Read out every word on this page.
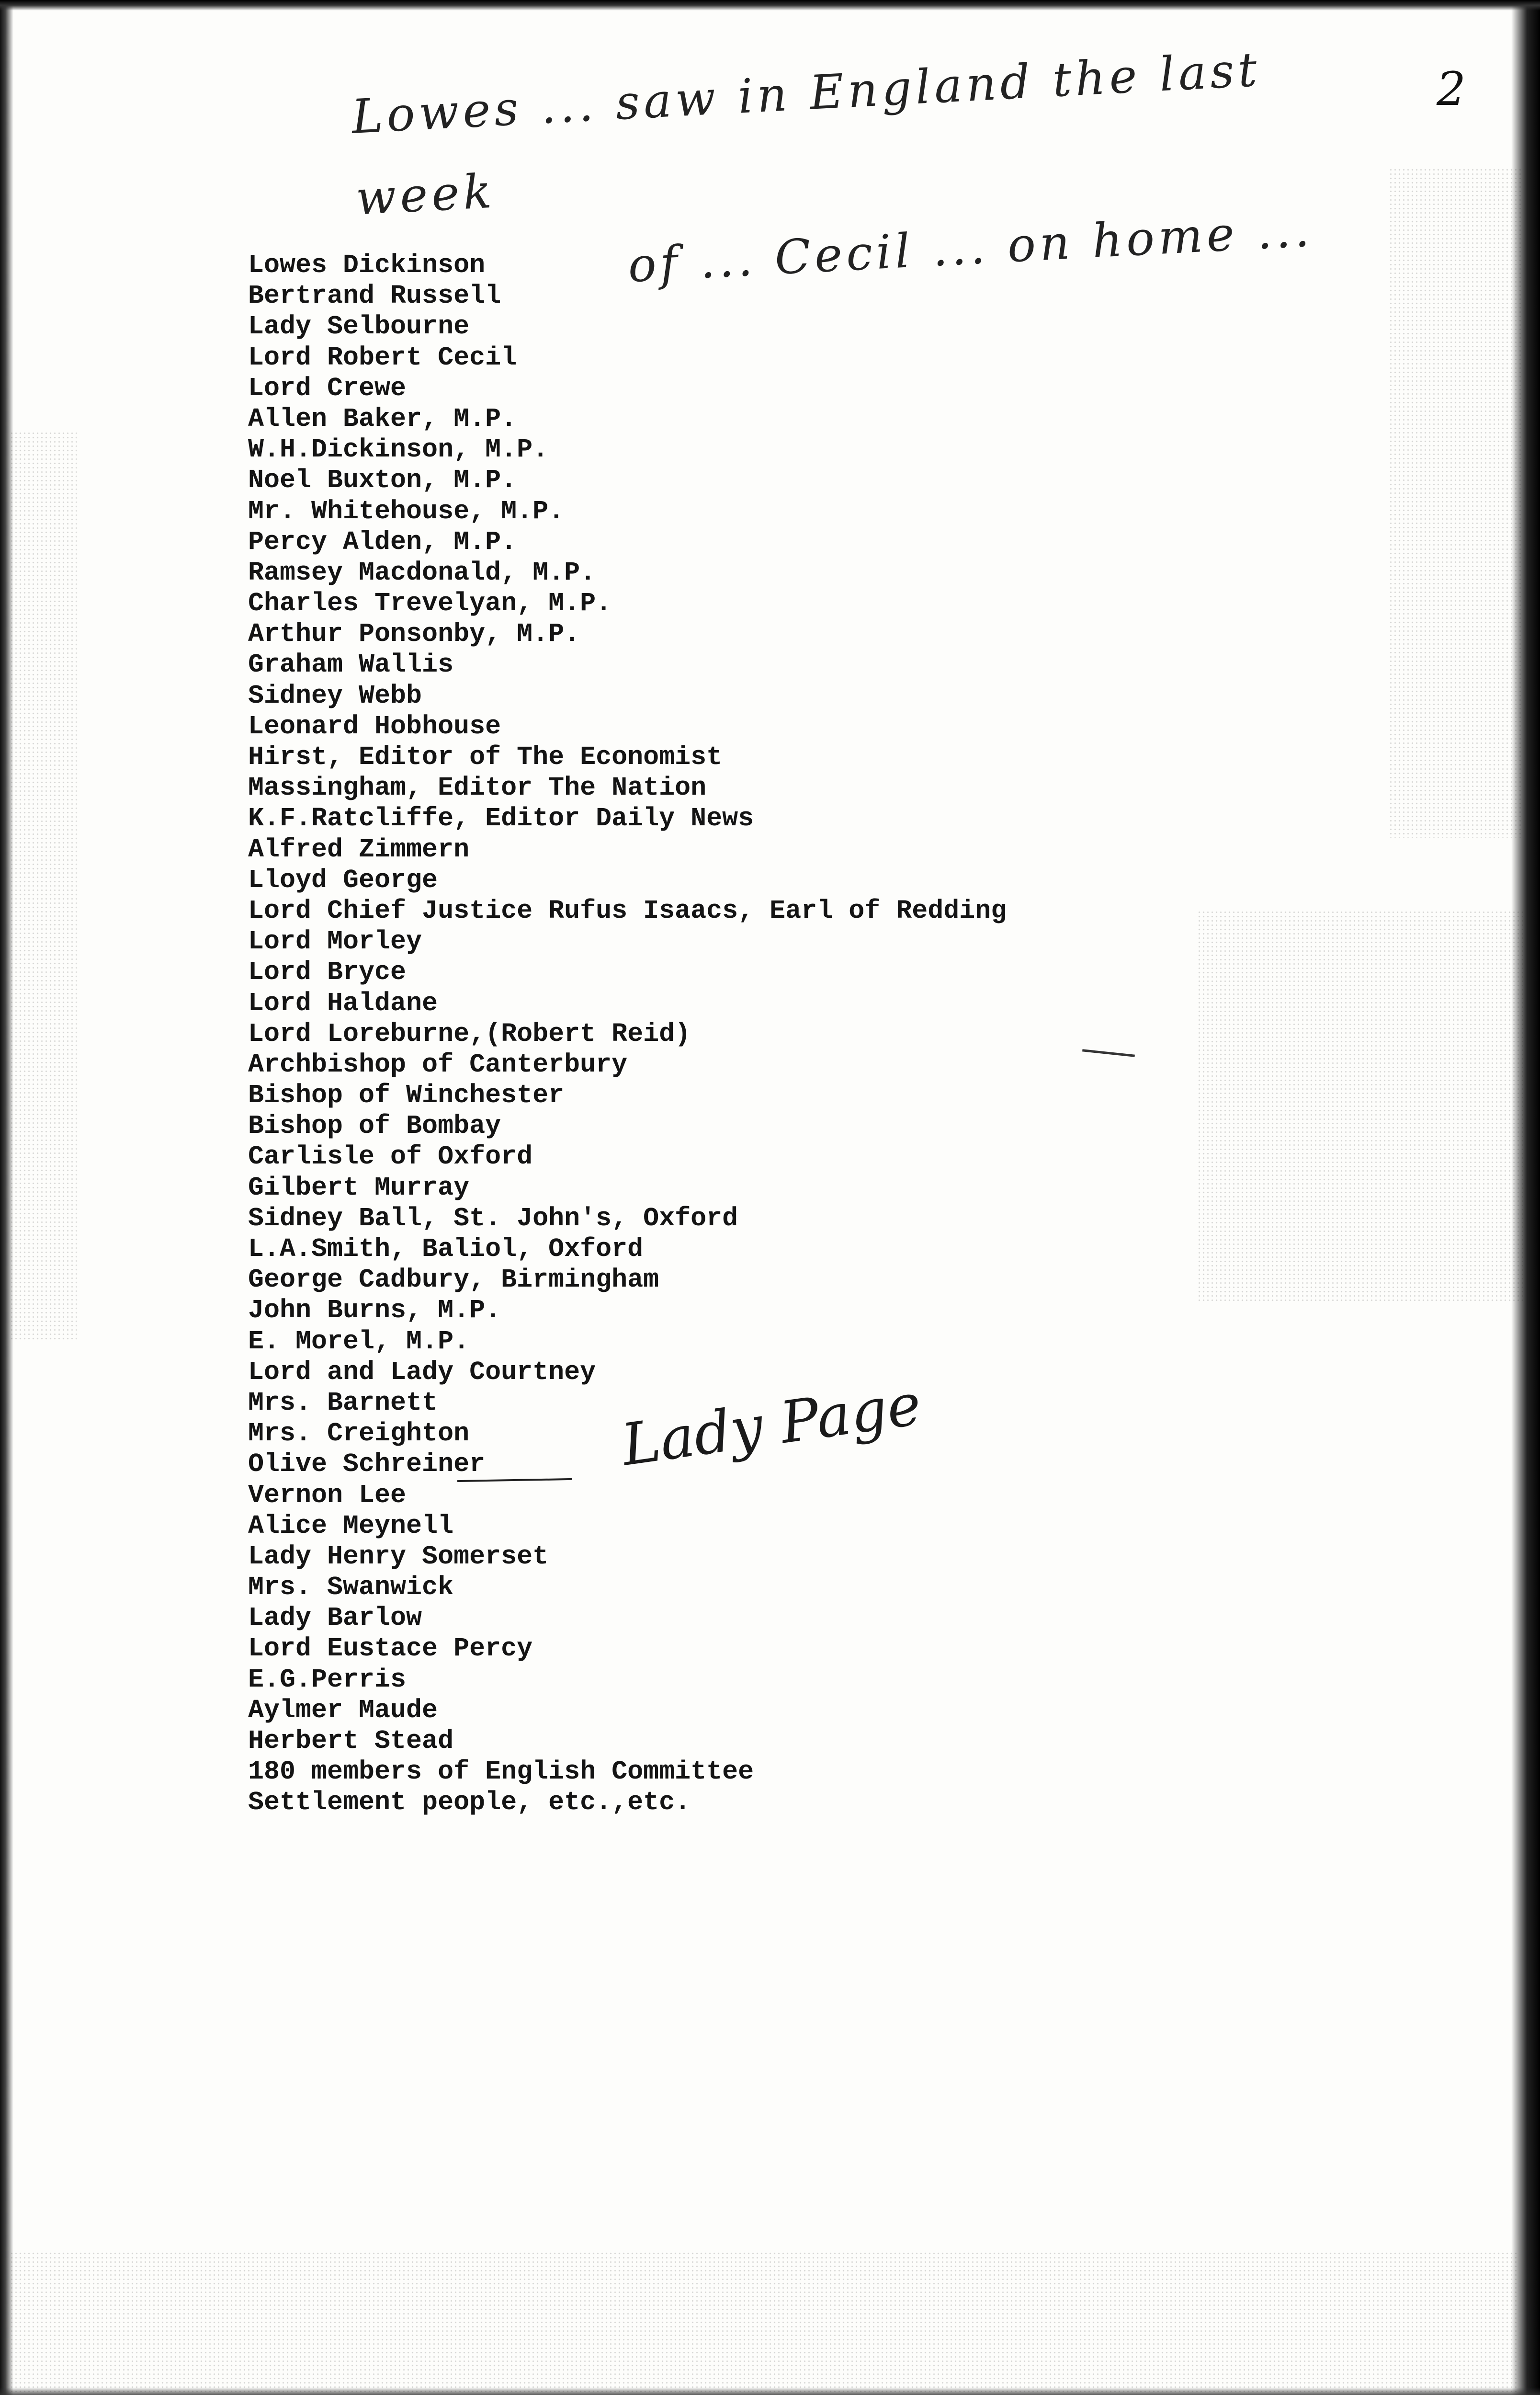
2

Lowes ... saw in England the last week
of ... Cecil ... on home ...

Lowes Dickinson
Bertrand Russell
Lady Selbourne
Lord Robert Cecil
Lord Crewe
Allen Baker, M.P.
W.H.Dickinson, M.P.
Noel Buxton, M.P.
Mr. Whitehouse, M.P.
Percy Alden, M.P.
Ramsey Macdonald, M.P.
Charles Trevelyan, M.P.
Arthur Ponsonby, M.P.
Graham Wallis
Sidney Webb
Leonard Hobhouse
Hirst, Editor of The Economist
Massingham, Editor The Nation
K.F.Ratcliffe, Editor Daily News
Alfred Zimmern
Lloyd George
Lord Chief Justice Rufus Isaacs, Earl of Redding
Lord Morley
Lord Bryce
Lord Haldane
Lord Loreburne,(Robert Reid)
Archbishop of Canterbury
Bishop of Winchester
Bishop of Bombay
Carlisle of Oxford
Gilbert Murray
Sidney Ball, St. John's, Oxford
L.A.Smith, Baliol, Oxford
George Cadbury, Birmingham
John Burns, M.P.
E. Morel, M.P.
Lord and Lady Courtney
Mrs. Barnett
Mrs. Creighton
Olive Schreiner
Vernon Lee
Alice Meynell
Lady Henry Somerset
Mrs. Swanwick
Lady Barlow
Lord Eustace Percy
E.G.Perris
Aylmer Maude
Herbert Stead
180 members of English Committee
Settlement people, etc.,etc.

Lady Page
